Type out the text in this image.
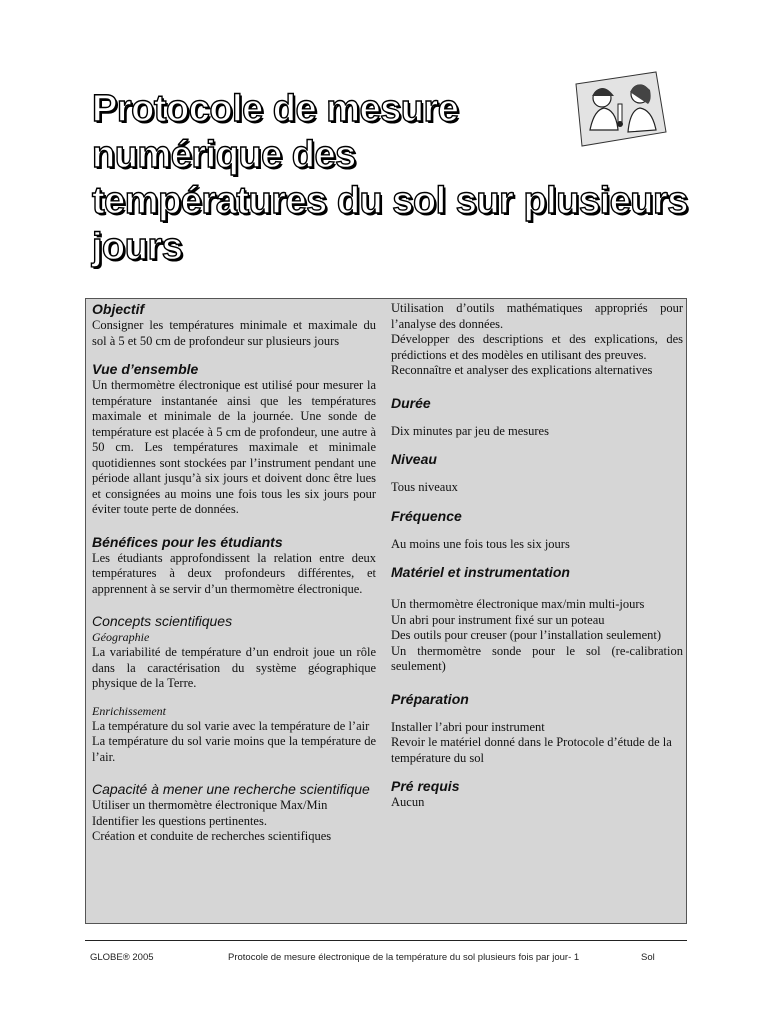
Protocole de mesure
numérique des
températures du sol sur plusieurs
jours

Objectif

Consigner les températures minimale et maximale du sol à 5 et 50 cm de profondeur sur plusieurs jours

Vue d’ensemble

Un thermomètre électronique est utilisé pour mesurer la température instantanée ainsi que les températures maximale et minimale de la journée. Une sonde de température est placée à 5 cm de profondeur, une autre à 50 cm. Les températures maximale et minimale quotidiennes sont stockées par l’instrument pendant une période allant jusqu’à six jours et doivent donc être lues et consignées au moins une fois tous les six jours pour éviter toute perte de données.

Bénéfices pour les étudiants

Les étudiants approfondissent la relation entre deux températures à deux profondeurs différentes, et apprennent à se servir d’un thermomètre électronique.

Concepts scientifiques

Géographie

La variabilité de température d’un endroit joue un rôle dans la caractérisation du système géographique physique de la Terre.

Enrichissement

La température du sol varie avec la température de l’air

La température du sol varie moins que la température de l’air.

Capacité à mener une recherche scientifique

Utiliser un thermomètre électronique Max/Min

Identifier les questions pertinentes.

Création et conduite de recherches scientifiques

Utilisation d’outils mathématiques appropriés pour l’analyse des données.

Développer des descriptions et des explications, des prédictions et des modèles en utilisant des preuves.

Reconnaître et analyser des explications alternatives

Durée

Dix minutes par jeu de mesures

Niveau

Tous niveaux

Fréquence

Au moins une fois tous les six jours

Matériel et instrumentation

Un thermomètre électronique max/min multi-jours

Un abri pour instrument fixé sur un poteau

Des outils pour creuser (pour l’installation seulement)

Un thermomètre sonde pour le sol (re-calibration seulement)

Préparation

Installer l’abri pour instrument

Revoir le matériel donné dans le Protocole d’étude de la température du sol

Pré requis

Aucun

GLOBE® 2005	Protocole de mesure électronique de la température du sol plusieurs fois par jour- 1	Sol
